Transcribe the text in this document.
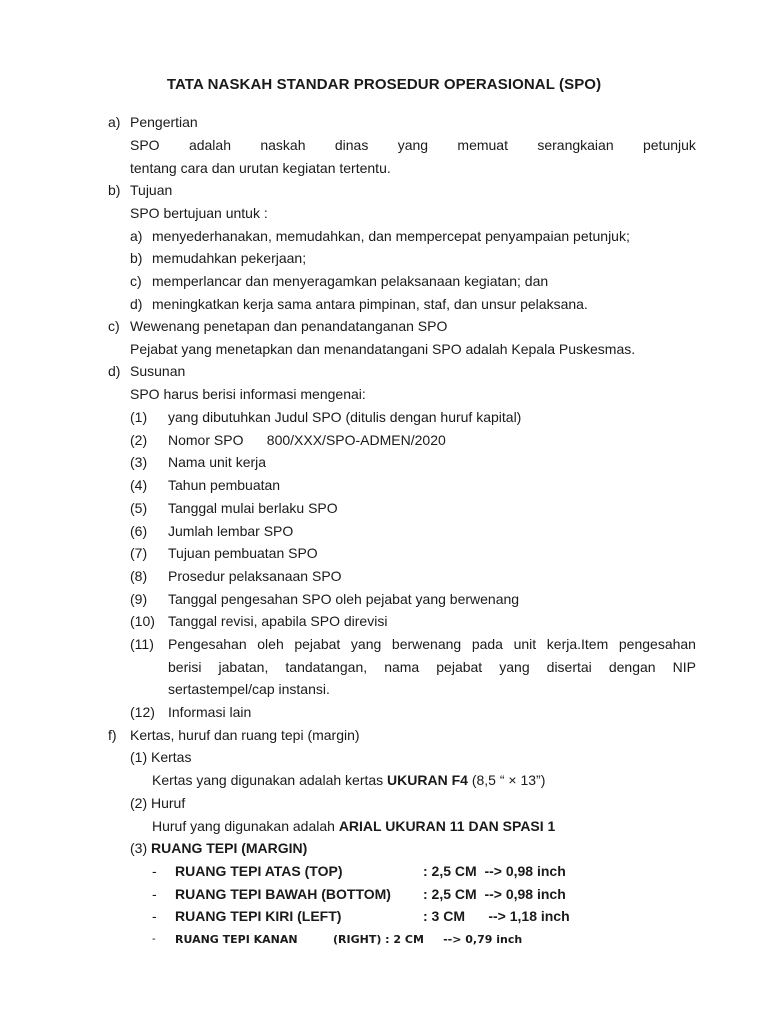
TATA NASKAH STANDAR PROSEDUR OPERASIONAL (SPO)
a) Pengertian
SPO adalah naskah dinas yang memuat serangkaian petunjuk
tentang cara dan urutan kegiatan tertentu.
b) Tujuan
SPO bertujuan untuk :
a) menyederhanakan, memudahkan, dan mempercepat penyampaian petunjuk;
b) memudahkan pekerjaan;
c) memperlancar dan menyeragamkan pelaksanaan kegiatan; dan
d) meningkatkan kerja sama antara pimpinan, staf, dan unsur pelaksana.
c) Wewenang penetapan dan penandatanganan SPO
Pejabat yang menetapkan dan menandatangani SPO adalah Kepala Puskesmas.
d) Susunan
SPO harus berisi informasi mengenai:
(1) yang dibutuhkan Judul SPO (ditulis dengan huruf kapital)
(2) Nomor SPO      800/XXX/SPO-ADMEN/2020
(3) Nama unit kerja
(4) Tahun pembuatan
(5) Tanggal mulai berlaku SPO
(6) Jumlah lembar SPO
(7) Tujuan pembuatan SPO
(8) Prosedur pelaksanaan SPO
(9) Tanggal pengesahan SPO oleh pejabat yang berwenang
(10) Tanggal revisi, apabila SPO direvisi
(11) Pengesahan oleh pejabat yang berwenang pada unit kerja.Item pengesahan
berisi jabatan, tandatangan, nama pejabat yang disertai dengan NIP
sertastempel/cap instansi.
(12) Informasi lain
f) Kertas, huruf dan ruang tepi (margin)
(1) Kertas
Kertas yang digunakan adalah kertas UKURAN F4 (8,5 “ × 13”)
(2) Huruf
Huruf yang digunakan adalah ARIAL UKURAN 11 DAN SPASI 1
(3) RUANG TEPI (MARGIN)
- RUANG TEPI ATAS (TOP)	: 2,5 CM  --> 0,98 inch
- RUANG TEPI BAWAH (BOTTOM) : 2,5 CM  --> 0,98 inch
- RUANG TEPI KIRI (LEFT)	: 3 CM      --> 1,18 inch
- RUANG TEPI KANAN	(RIGHT) : 2 CM     --> 0,79 inch
